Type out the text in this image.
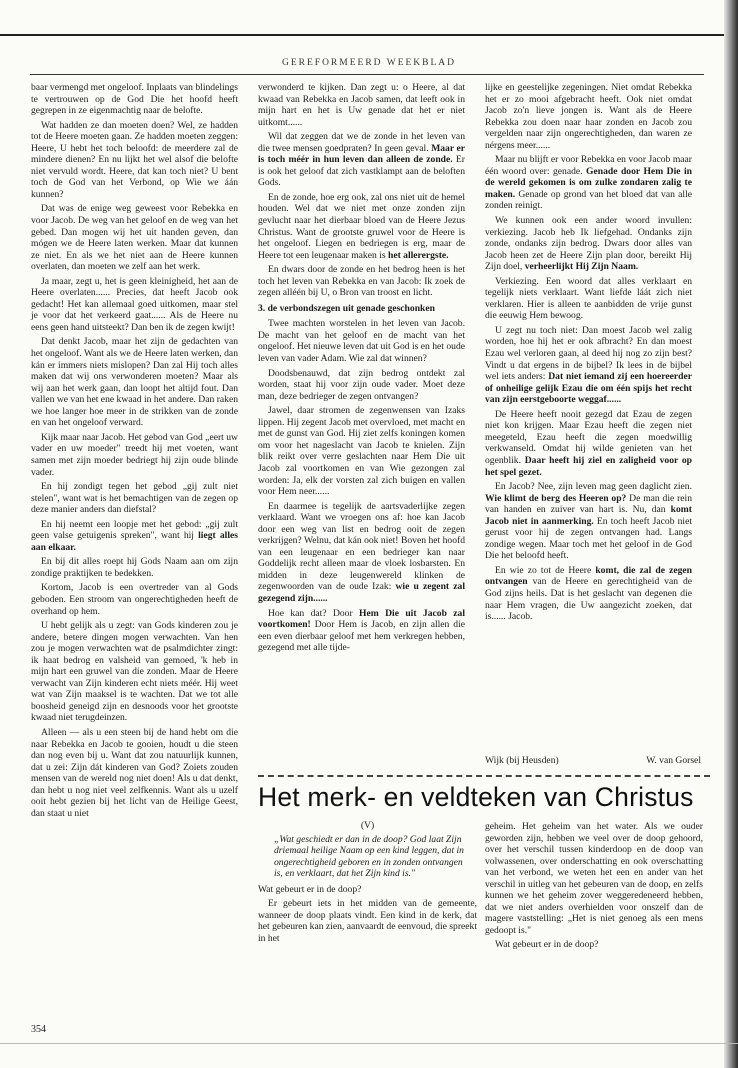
GEREFORMEERD WEEKBLAD

baar vermengd met ongeloof. Inplaats van blindelings te vertrouwen op de God Die het hoofd heeft gegrepen in ze eigenmachtig naar de belofte.

Wat hadden ze dan moeten doen? Wel, ze hadden tot de Heere moeten gaan. Ze hadden moeten zeggen: Heere, U hebt het toch beloofd: de meerdere zal de mindere dienen? En nu lijkt het wel alsof die belofte niet vervuld wordt. Heere, dat kan toch niet? U bent toch de God van het Verbond, op Wie we áán kunnen?

Dat was de enige weg geweest voor Rebekka en voor Jacob. De weg van het geloof en de weg van het gebed. Dan mogen wij het uit handen geven, dan mógen we de Heere laten werken. Maar dat kunnen ze niet. En als we het niet aan de Heere kunnen overlaten, dan moeten we zelf aan het werk.

Ja maar, zegt u, het is geen kleinigheid, het aan de Heere overlaten...... Precies, dat heeft Jacob ook gedacht! Het kan allemaal goed uitkomen, maar stel je voor dat het verkeerd gaat...... Als de Heere nu eens geen hand uitsteekt? Dan ben ik de zegen kwijt!

Dat denkt Jacob, maar het zijn de gedachten van het ongeloof. Want als we de Heere laten werken, dan kán er immers niets mislopen? Dan zal Hij toch alles maken dat wij ons verwonderen moeten? Maar als wij aan het werk gaan, dan loopt het altijd fout. Dan vallen we van het ene kwaad in het andere. Dan raken we hoe langer hoe meer in de strikken van de zonde en van het ongeloof verward.

Kijk maar naar Jacob. Het gebod van God „eert uw vader en uw moeder" treedt hij met voeten, want samen met zijn moeder bedriegt hij zijn oude blinde vader.

En hij zondigt tegen het gebod „gij zult niet stelen", want wat is het bemachtigen van de zegen op deze manier anders dan diefstal?

En hij neemt een loopje met het gebod: „gij zult geen valse getuigenis spreken", want hij liegt alles aan elkaar.

En bij dit alles roept hij Gods Naam aan om zijn zondige praktijken te bedekken.

Kortom, Jacob is een overtreder van al Gods geboden. Een stroom van ongerechtigheden heeft de overhand op hem.

U hebt gelijk als u zegt: van Gods kinderen zou je andere, betere dingen mogen verwachten. Van hen zou je mogen verwachten wat de psalmdichter zingt: ik haat bedrog en valsheid van gemoed, 'k heb in mijn hart een gruwel van die zonden. Maar de Heere verwacht van Zijn kinderen echt niets méér. Hij weet wat van Zijn maaksel is te wachten. Dat we tot alle boosheid geneigd zijn en desnoods voor het grootste kwaad niet terugdeinzen.

Alleen — als u een steen bij de hand hebt om die naar Rebekka en Jacob te gooien, houdt u die steen dan nog even bij u. Want dat zou natuurlijk kunnen, dat u zei: Zijn dát kinderen van God? Zoiets zouden mensen van de wereld nog niet doen! Als u dat denkt, dan hebt u nog niet veel zelfkennis. Want als u uzelf ooit hebt gezien bij het licht van de Heilige Geest, dan staat u niet

verwonderd te kijken. Dan zegt u: o Heere, al dat kwaad van Rebekka en Jacob samen, dat leeft ook in mijn hart en het is Uw genade dat het er niet uitkomt......

Wil dat zeggen dat we de zonde in het leven van die twee mensen goedpraten? In geen geval. Maar er is toch méér in hun leven dan alleen de zonde. Er is ook het geloof dat zich vastklampt aan de beloften Gods.

En de zonde, hoe erg ook, zal ons niet uit de hemel houden. Wel dat we niet met onze zonden zijn gevlucht naar het dierbaar bloed van de Heere Jezus Christus. Want de grootste gruwel voor de Heere is het ongeloof. Liegen en bedriegen is erg, maar de Heere tot een leugenaar maken is het allerergste.

En dwars door de zonde en het bedrog heen is het toch het leven van Rebekka en van Jacob: Ik zoek de zegen alléén bij U, o Bron van troost en licht.

3. de verbondszegen uit genade geschonken

Twee machten worstelen in het leven van Jacob. De macht van het geloof en de macht van het ongeloof. Het nieuwe leven dat uit God is en het oude leven van vader Adam. Wie zal dat winnen?

Doodsbenauwd, dat zijn bedrog ontdekt zal worden, staat hij voor zijn oude vader. Moet deze man, deze bedrieger de zegen ontvangen?

Jawel, daar stromen de zegenwensen van Izaks lippen. Hij zegent Jacob met overvloed, met macht en met de gunst van God. Hij ziet zelfs koningen komen om voor het nageslacht van Jacob te knielen. Zijn blik reikt over verre geslachten naar Hem Die uit Jacob zal voortkomen en van Wie gezongen zal worden: Ja, elk der vorsten zal zich buigen en vallen voor Hem neer......

En daarmee is tegelijk de aartsvaderlijke zegen verklaard. Want we vroegen ons af: hoe kan Jacob door een weg van list en bedrog ooit de zegen verkrijgen? Welnu, dat kán ook niet! Boven het hoofd van een leugenaar en een bedrieger kan naar Goddelijk recht alleen maar de vloek losbarsten. En midden in deze leugenwereld klinken de zegenwoorden van de oude Izak: wie u zegent zal gezegend zijn......

Hoe kan dat? Door Hem Die uit Jacob zal voortkomen! Door Hem is Jacob, en zijn allen die een even dierbaar geloof met hem verkregen hebben, gezegend met alle tijde-

lijke en geestelijke zegeningen. Niet omdat Rebekka het er zo mooi afgebracht heeft. Ook niet omdat Jacob zo'n lieve jongen is. Want als de Heere Rebekka zou doen naar haar zonden en Jacob zou vergelden naar zijn ongerechtigheden, dan waren ze nérgens meer......

Maar nu blijft er voor Rebekka en voor Jacob maar één woord over: genade. Genade door Hem Die in de wereld gekomen is om zulke zondaren zalig te maken. Genade op grond van het bloed dat van alle zonden reinigt.

We kunnen ook een ander woord invullen: verkiezing. Jacob heb Ik liefgehad. Ondanks zijn zonde, ondanks zijn bedrog. Dwars door alles van Jacob heen zet de Heere Zijn plan door, bereikt Hij Zijn doel, verheerlijkt Hij Zijn Naam.

Verkiezing. Een woord dat alles verklaart en tegelijk niets verklaart. Want liefde láát zich niet verklaren. Hier is alleen te aanbidden de vrije gunst die eeuwig Hem bewoog.

U zegt nu toch niet: Dan moest Jacob wel zalig worden, hoe hij het er ook afbracht? En dan moest Ezau wel verloren gaan, al deed hij nog zo zijn best? Vindt u dat ergens in de bijbel? Ik lees in de bijbel wel iets anders: Dat niet iemand zij een hoereerder of onheilige gelijk Ezau die om één spijs het recht van zijn eerstgeboorte weggaf......

De Heere heeft nooit gezegd dat Ezau de zegen niet kon krijgen. Maar Ezau heeft die zegen niet meegeteld, Ezau heeft die zegen moedwillig verkwanseld. Omdat hij wilde genieten van het ogenblik. Daar heeft hij ziel en zaligheid voor op het spel gezet.

En Jacob? Nee, zijn leven mag geen daglicht zien. Wie klimt de berg des Heeren op? De man die rein van handen en zuiver van hart is. Nu, dan komt Jacob niet in aanmerking. En toch heeft Jacob niet gerust voor hij de zegen ontvangen had. Langs zondige wegen. Maar toch met het geloof in de God Die het beloofd heeft.

En wie zo tot de Heere komt, die zal de zegen ontvangen van de Heere en gerechtigheid van de God zijns heils. Dat is het geslacht van degenen die naar Hem vragen, die Uw aangezicht zoeken, dat is...... Jacob.

Wijk (bij Heusden)	W. van Gorsel
Het merk- en veldteken van Christus

(V)

„Wat geschiedt er dan in de doop? God laat Zijn driemaal heilige Naam op een kind leggen, dat in ongerechtigheid geboren en in zonden ontvangen is, en verklaart, dat het Zijn kind is."

Wat gebeurt er in de doop?

Er gebeurt iets in het midden van de gemeente, wanneer de doop plaats vindt. Een kind in de kerk, dat het gebeuren kan zien, aanvaardt de eenvoud, die spreekt in het

geheim. Het geheim van het water. Als we ouder geworden zijn, hebben we veel over de doop gehoord, over het verschil tussen kinderdoop en de doop van volwassenen, over onderschatting en ook overschatting van het verbond, we weten het een en ander van het verschil in uitleg van het gebeuren van de doop, en zelfs kunnen we het geheim zover weggeredeneerd hebben, dat we niet anders overhielden voor onszelf dan de magere vaststelling: „Het is niet genoeg als een mens gedoopt is."

Wat gebeurt er in de doop?

354
